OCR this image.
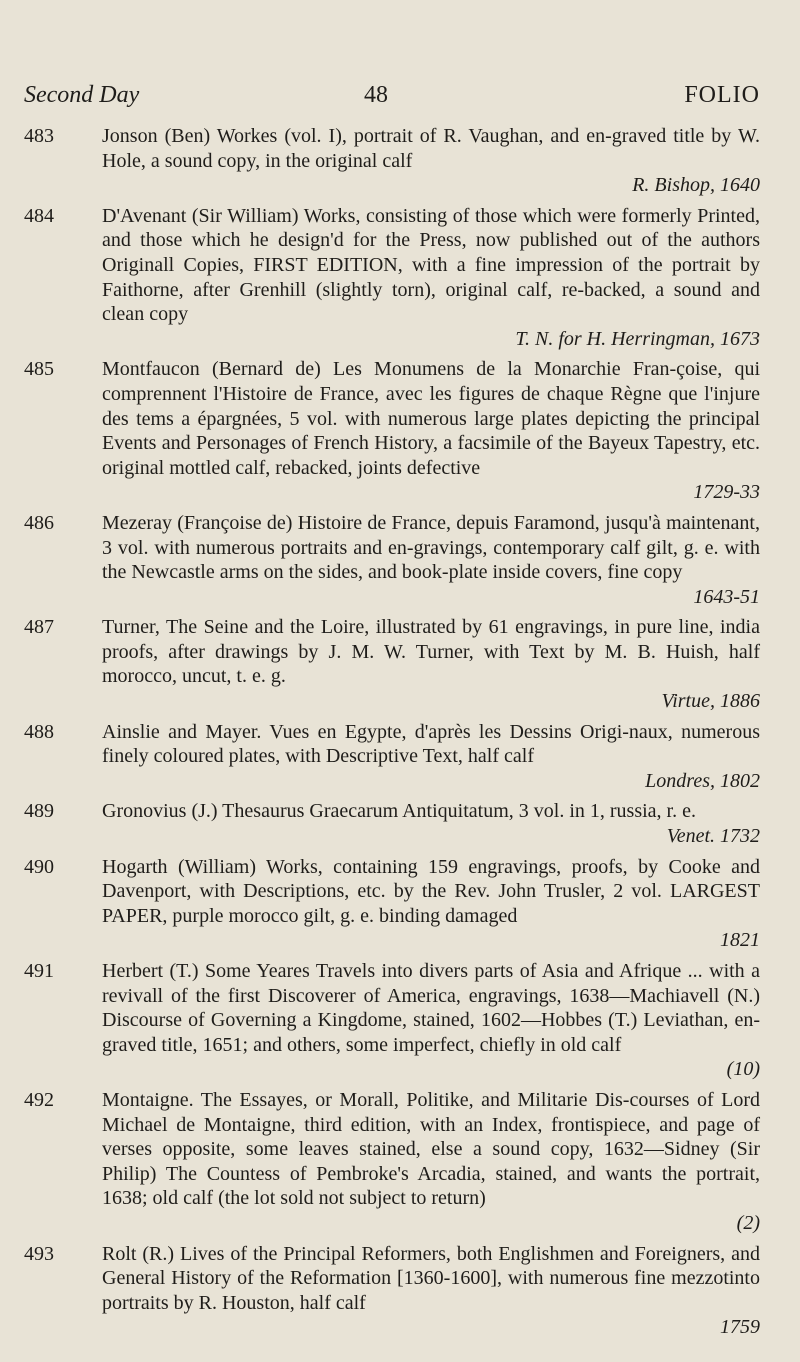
Second Day	48	FOLIO
483	Jonson (Ben) Workes (vol. I), portrait of R. Vaughan, and en-graved title by W. Hole, a sound copy, in the original calf

R. Bishop, 1640

484	D'Avenant (Sir William) Works, consisting of those which were formerly Printed, and those which he design'd for the Press, now published out of the authors Originall Copies, FIRST EDITION, with a fine impression of the portrait by Faithorne, after Grenhill (slightly torn), original calf, re-backed, a sound and clean copy

T. N. for H. Herringman, 1673

485	Montfaucon (Bernard de) Les Monumens de la Monarchie Fran-çoise, qui comprennent l'Histoire de France, avec les figures de chaque Règne que l'injure des tems a épargnées, 5 vol. with numerous large plates depicting the principal Events and Personages of French History, a facsimile of the Bayeux Tapestry, etc. original mottled calf, rebacked, joints defective

1729-33

486	Mezeray (Françoise de) Histoire de France, depuis Faramond, jusqu'à maintenant, 3 vol. with numerous portraits and en-gravings, contemporary calf gilt, g. e. with the Newcastle arms on the sides, and book-plate inside covers, fine copy

1643-51

487	Turner, The Seine and the Loire, illustrated by 61 engravings, in pure line, india proofs, after drawings by J. M. W. Turner, with Text by M. B. Huish, half morocco, uncut, t. e. g.

Virtue, 1886

488	Ainslie and Mayer. Vues en Egypte, d'après les Dessins Origi-naux, numerous finely coloured plates, with Descriptive Text, half calf

Londres, 1802

489	Gronovius (J.) Thesaurus Graecarum Antiquitatum, 3 vol. in 1, russia, r. e.

Venet. 1732

490	Hogarth (William) Works, containing 159 engravings, proofs, by Cooke and Davenport, with Descriptions, etc. by the Rev. John Trusler, 2 vol. LARGEST PAPER, purple morocco gilt, g. e. binding damaged

1821

491	Herbert (T.) Some Yeares Travels into divers parts of Asia and Afrique ... with a revivall of the first Discoverer of America, engravings, 1638—Machiavell (N.) Discourse of Governing a Kingdome, stained, 1602—Hobbes (T.) Leviathan, en-graved title, 1651; and others, some imperfect, chiefly in old calf

(10)

492	Montaigne. The Essayes, or Morall, Politike, and Militarie Dis-courses of Lord Michael de Montaigne, third edition, with an Index, frontispiece, and page of verses opposite, some leaves stained, else a sound copy, 1632—Sidney (Sir Philip) The Countess of Pembroke's Arcadia, stained, and wants the portrait, 1638; old calf (the lot sold not subject to return)

(2)

493	Rolt (R.) Lives of the Principal Reformers, both Englishmen and Foreigners, and General History of the Reformation [1360-1600], with numerous fine mezzotinto portraits by R. Houston, half calf

1759
